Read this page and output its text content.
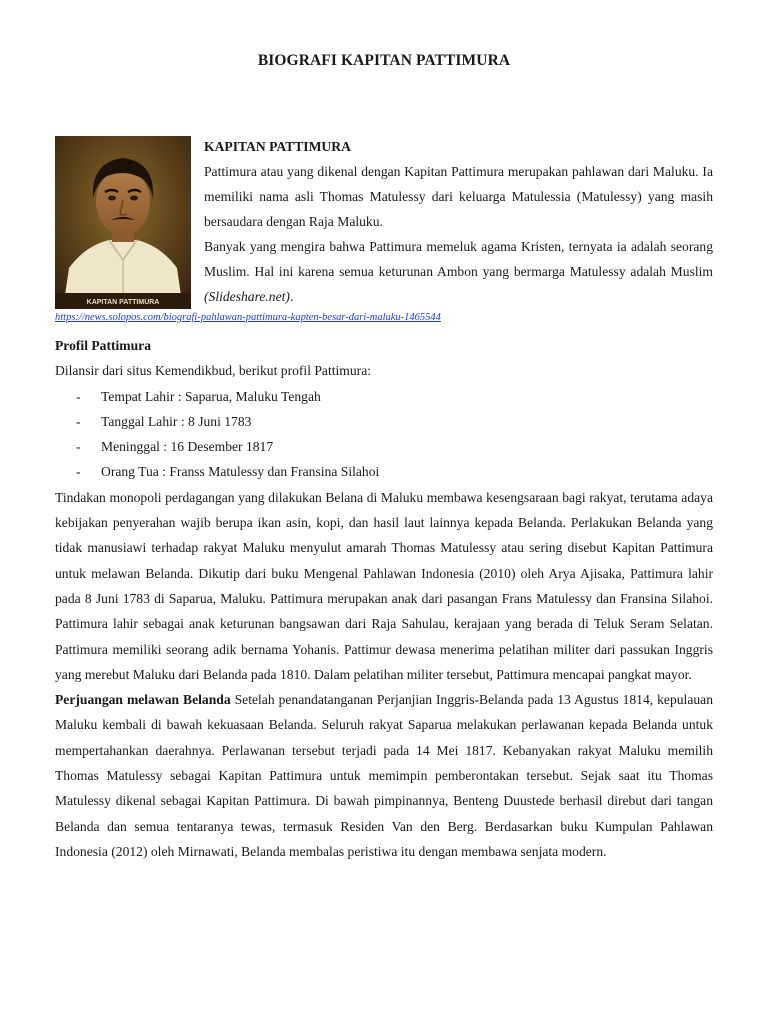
BIOGRAFI KAPITAN PATTIMURA
KAPITAN PATTIMURA
KAPITAN PATTIMURA

Pattimura atau yang dikenal dengan Kapitan Pattimura merupakan pahlawan dari Maluku. Ia memiliki nama asli Thomas Matulessy dari keluarga Matulessia (Matulessy) yang masih bersaudara dengan Raja Maluku.

Banyak yang mengira bahwa Pattimura memeluk agama Kristen, ternyata ia adalah seorang Muslim. Hal ini karena semua keturunan Ambon yang bermarga Matulessy adalah Muslim (Slideshare.net).

https://news.solopos.com/biografi-pahlawan-pattimura-kapten-besar-dari-maluku-1465544
Profil Pattimura

Dilansir dari situs Kemendikbud, berikut profil Pattimura:

- Tempat Lahir : Saparua, Maluku Tengah
- Tanggal Lahir : 8 Juni 1783
- Meninggal : 16 Desember 1817
- Orang Tua : Franss Matulessy dan Fransina Silahoi

Tindakan monopoli perdagangan yang dilakukan Belana di Maluku membawa kesengsaraan bagi rakyat, terutama adaya kebijakan penyerahan wajib berupa ikan asin, kopi, dan hasil laut lainnya kepada Belanda. Perlakukan Belanda yang tidak manusiawi terhadap rakyat Maluku menyulut amarah Thomas Matulessy atau sering disebut Kapitan Pattimura untuk melawan Belanda. Dikutip dari buku Mengenal Pahlawan Indonesia (2010) oleh Arya Ajisaka, Pattimura lahir pada 8 Juni 1783 di Saparua, Maluku. Pattimura merupakan anak dari pasangan Frans Matulessy dan Fransina Silahoi. Pattimura lahir sebagai anak keturunan bangsawan dari Raja Sahulau, kerajaan yang berada di Teluk Seram Selatan. Pattimura memiliki seorang adik bernama Yohanis. Pattimur dewasa menerima pelatihan militer dari passukan Inggris yang merebut Maluku dari Belanda pada 1810. Dalam pelatihan militer tersebut, Pattimura mencapai pangkat mayor.

Perjuangan melawan Belanda Setelah penandatanganan Perjanjian Inggris-Belanda pada 13 Agustus 1814, kepulauan Maluku kembali di bawah kekuasaan Belanda. Seluruh rakyat Saparua melakukan perlawanan kepada Belanda untuk mempertahankan daerahnya. Perlawanan tersebut terjadi pada 14 Mei 1817. Kebanyakan rakyat Maluku memilih Thomas Matulessy sebagai Kapitan Pattimura untuk memimpin pemberontakan tersebut. Sejak saat itu Thomas Matulessy dikenal sebagai Kapitan Pattimura. Di bawah pimpinannya, Benteng Duustede berhasil direbut dari tangan Belanda dan semua tentaranya tewas, termasuk Residen Van den Berg. Berdasarkan buku Kumpulan Pahlawan Indonesia (2012) oleh Mirnawati, Belanda membalas peristiwa itu dengan membawa senjata modern.
